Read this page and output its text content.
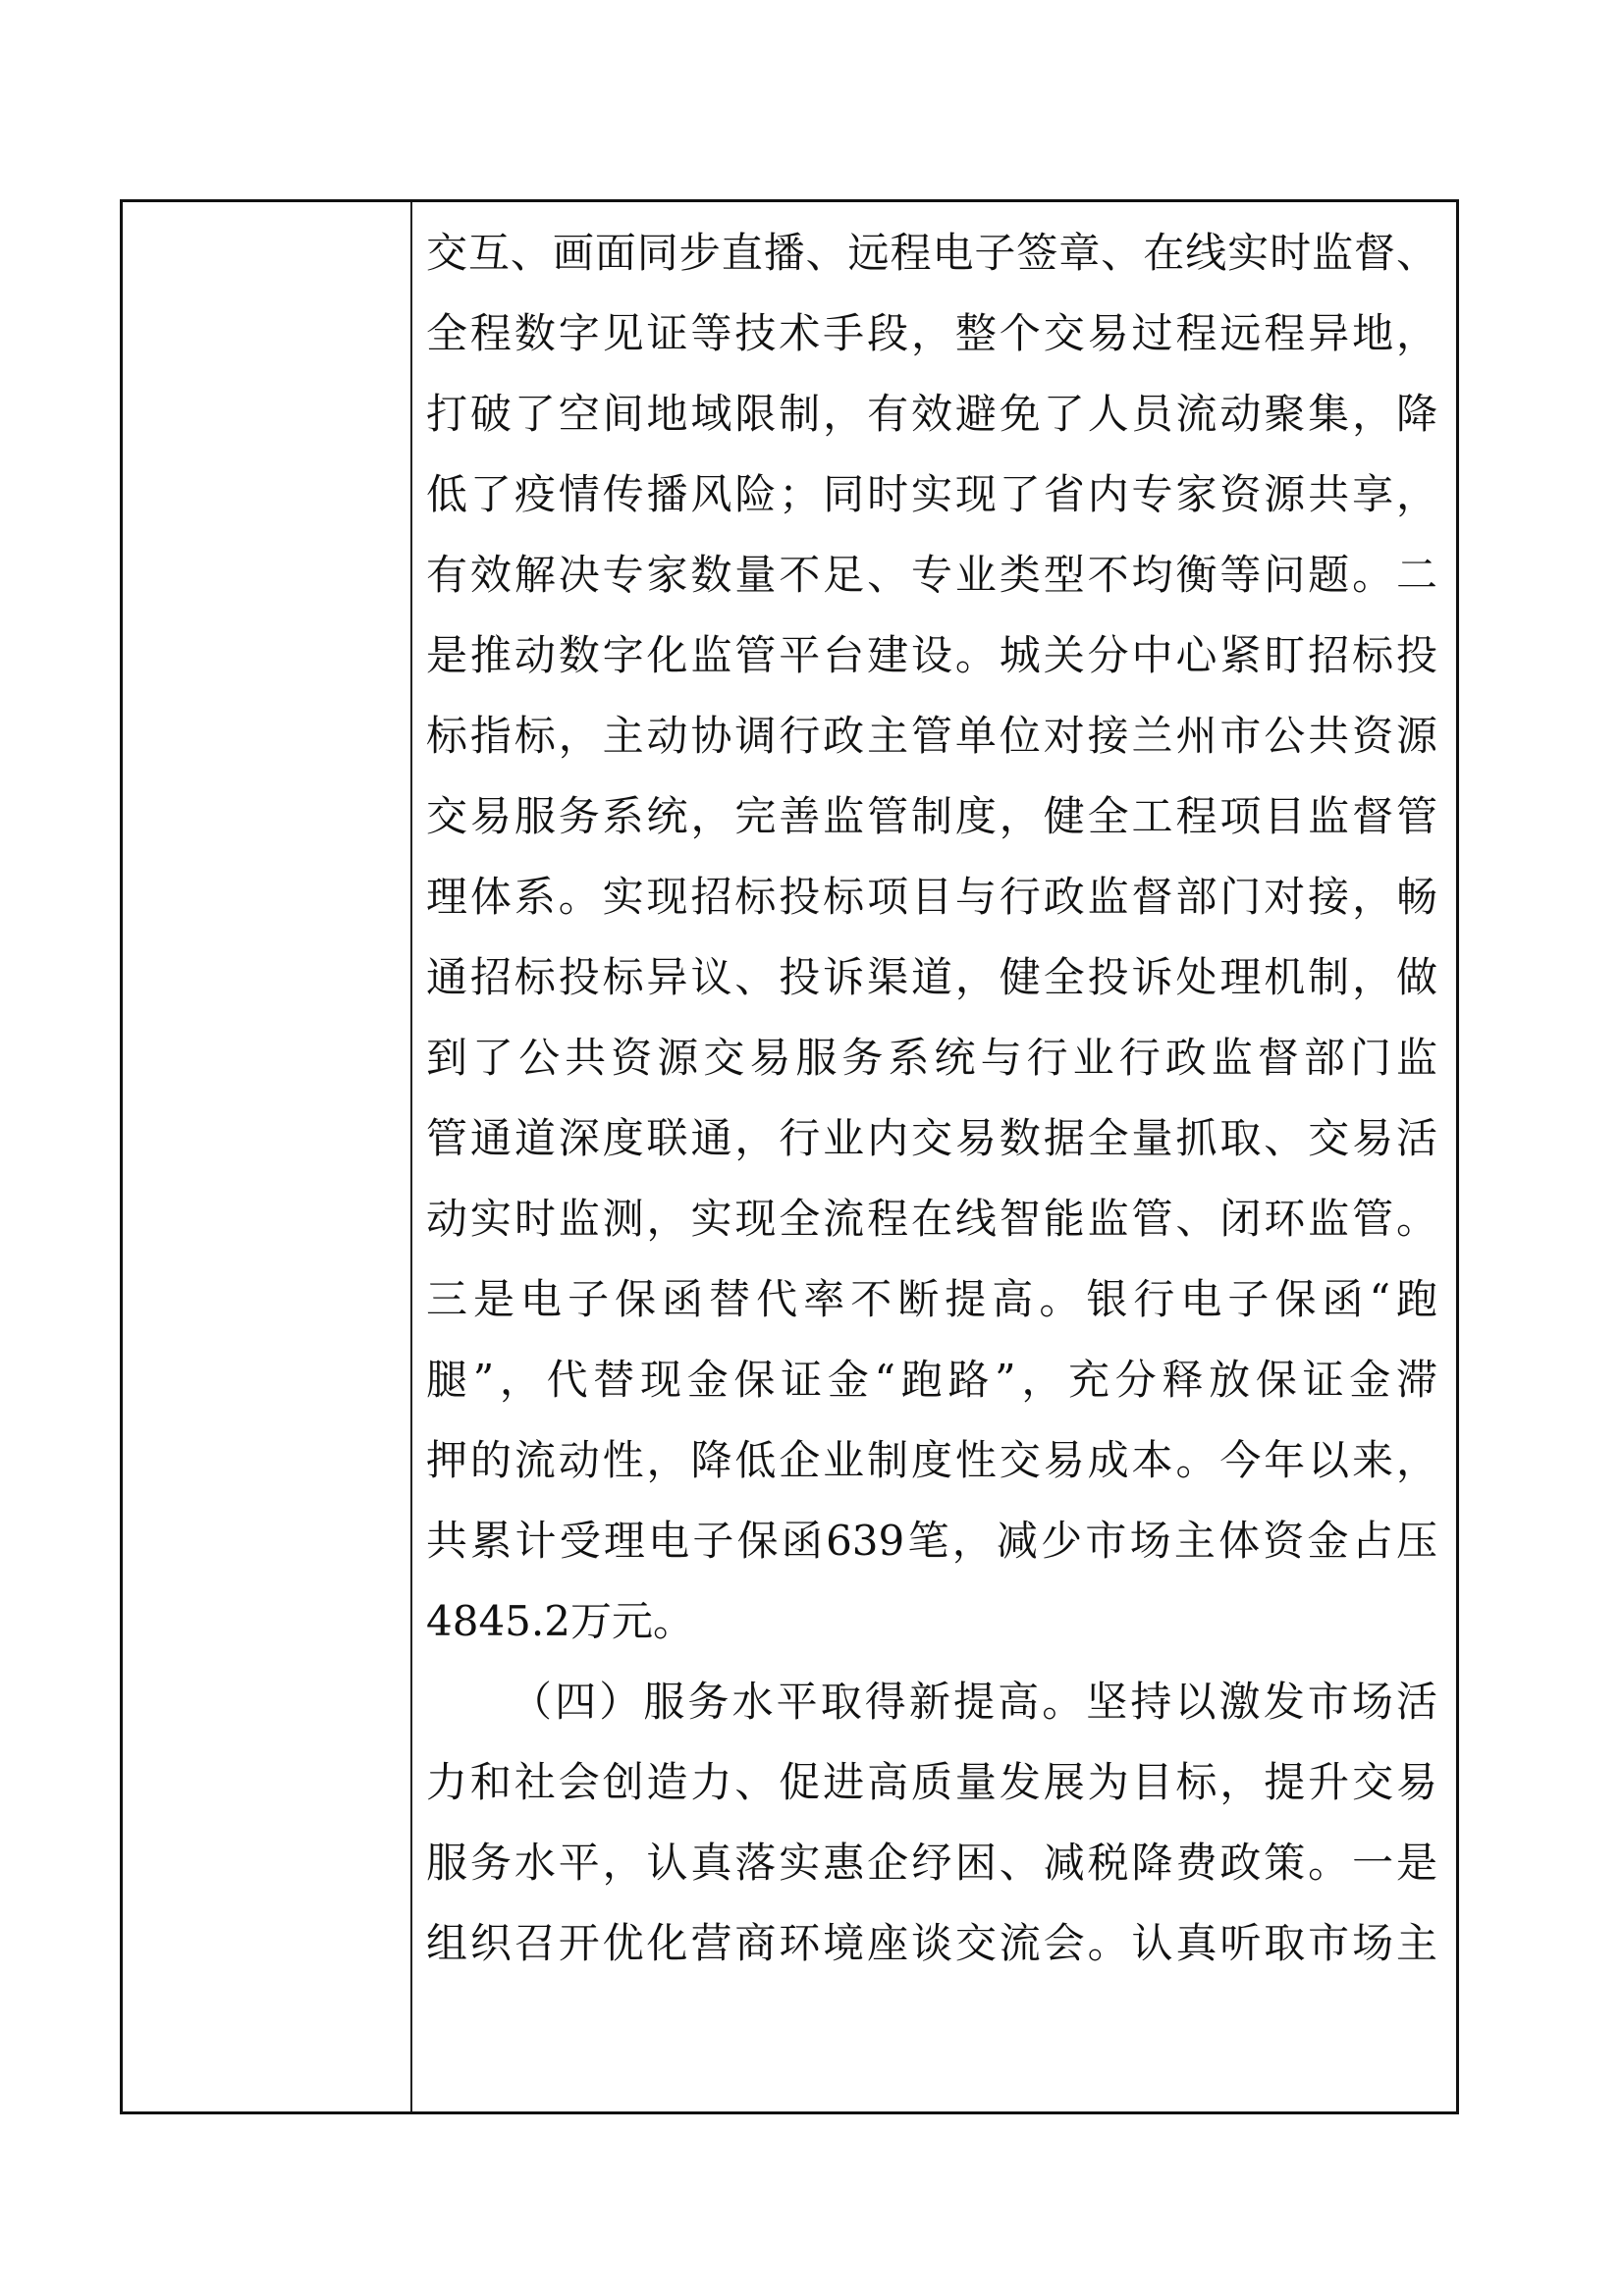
交互、画面同步直播、远程电子签章、在线实时监督、
全程数字见证等技术手段，整个交易过程远程异地，
打破了空间地域限制，有效避免了人员流动聚集，降
低了疫情传播风险；同时实现了省内专家资源共享，
有效解决专家数量不足、专业类型不均衡等问题。二
是推动数字化监管平台建设。城关分中心紧盯招标投
标指标，主动协调行政主管单位对接兰州市公共资源
交易服务系统，完善监管制度，健全工程项目监督管
理体系。实现招标投标项目与行政监督部门对接，畅
通招标投标异议、投诉渠道，健全投诉处理机制，做
到了公共资源交易服务系统与行业行政监督部门监
管通道深度联通，行业内交易数据全量抓取、交易活
动实时监测，实现全流程在线智能监管、闭环监管。
三是电子保函替代率不断提高。银行电子保函“跑
腿”，代替现金保证金“跑路”，充分释放保证金滞
押的流动性，降低企业制度性交易成本。今年以来，
共累计受理电子保函639笔，减少市场主体资金占压
4845.2万元。
（四）服务水平取得新提高。坚持以激发市场活
力和社会创造力、促进高质量发展为目标，提升交易
服务水平，认真落实惠企纾困、减税降费政策。一是
组织召开优化营商环境座谈交流会。认真听取市场主
